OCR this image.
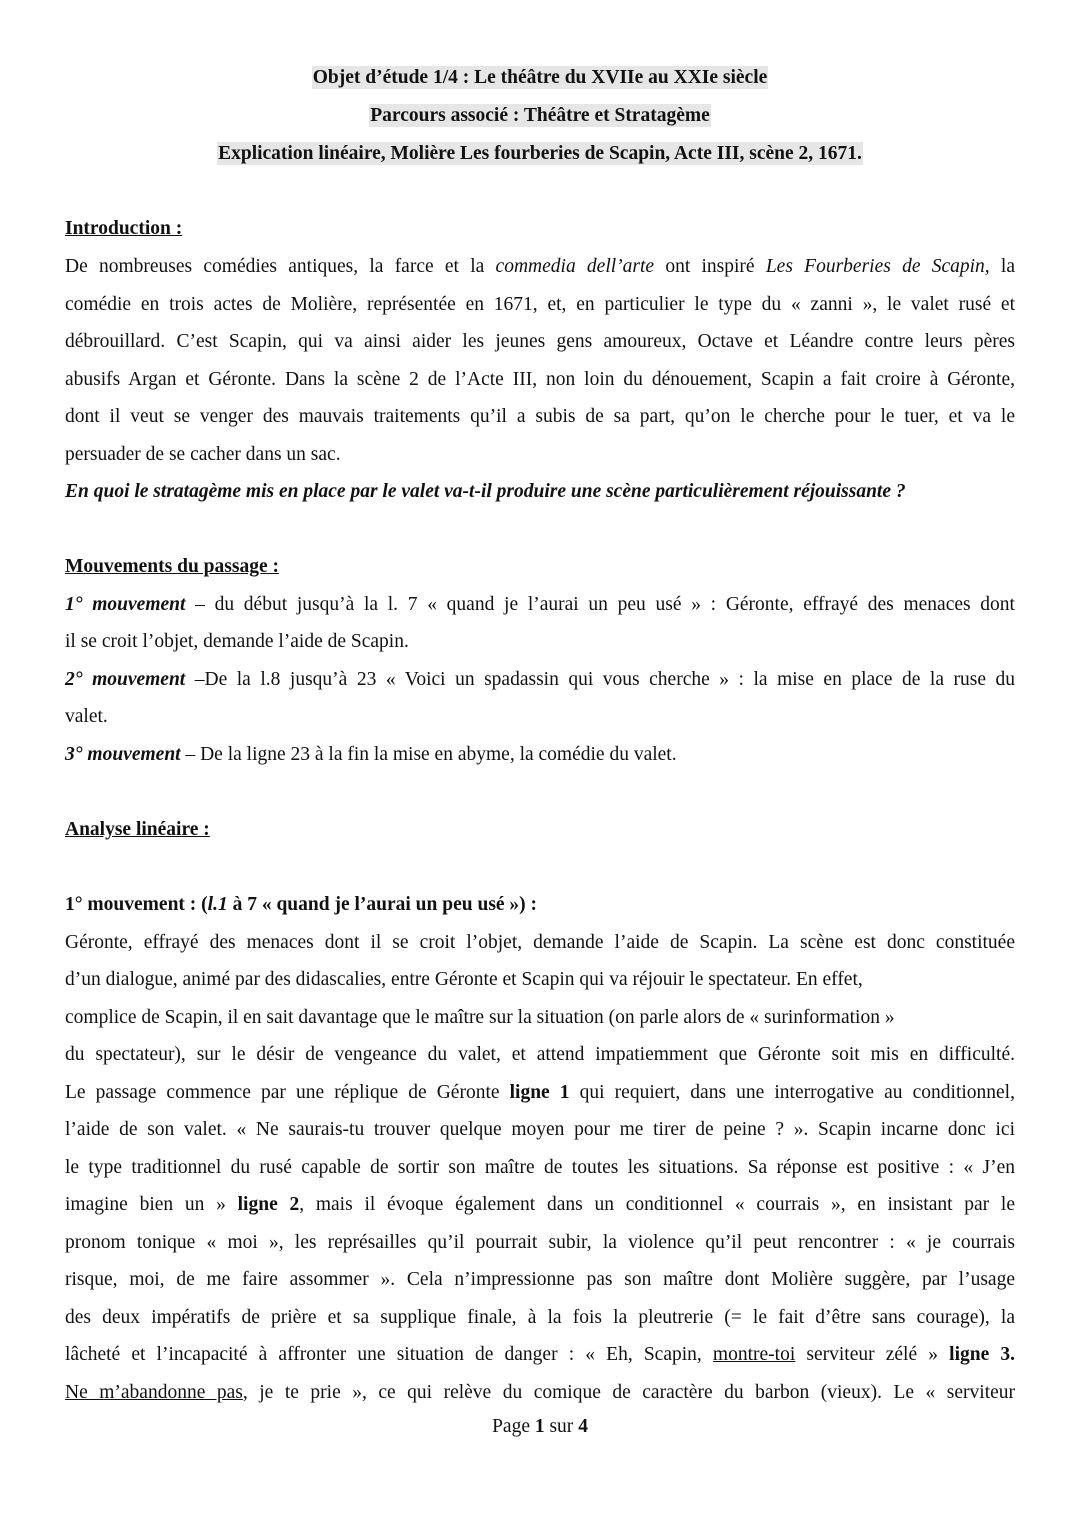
Objet d’étude 1/4 : Le théâtre du XVIIe au XXIe siècle
Parcours associé : Théâtre et Stratagème
Explication linéaire, Molière Les fourberies de Scapin, Acte III, scène 2, 1671.
Introduction :
De nombreuses comédies antiques, la farce et la commedia dell’arte ont inspiré Les Fourberies de Scapin, la
comédie en trois actes de Molière, représentée en 1671, et, en particulier le type du « zanni », le valet rusé et
débrouillard. C’est Scapin, qui va ainsi aider les jeunes gens amoureux, Octave et Léandre contre leurs pères
abusifs Argan et Géronte. Dans la scène 2 de l’Acte III, non loin du dénouement, Scapin a fait croire à Géronte,
dont il veut se venger des mauvais traitements qu’il a subis de sa part, qu’on le cherche pour le tuer, et va le
persuader de se cacher dans un sac.
En quoi le stratagème mis en place par le valet va-t-il produire une scène particulièrement réjouissante ?
Mouvements du passage :
1° mouvement – du début jusqu’à la l. 7 « quand je l’aurai un peu usé » : Géronte, effrayé des menaces dont
il se croit l’objet, demande l’aide de Scapin.
2° mouvement –De la l.8 jusqu’à 23 « Voici un spadassin qui vous cherche » : la mise en place de la ruse du
valet.
3° mouvement – De la ligne 23 à la fin la mise en abyme, la comédie du valet.
Analyse linéaire :
1° mouvement : (l.1 à 7 « quand je l’aurai un peu usé ») :
Géronte, effrayé des menaces dont il se croit l’objet, demande l’aide de Scapin. La scène est donc constituée
d’un dialogue, animé par des didascalies, entre Géronte et Scapin qui va réjouir le spectateur. En effet,
complice de Scapin, il en sait davantage que le maître sur la situation (on parle alors de « surinformation »
du spectateur), sur le désir de vengeance du valet, et attend impatiemment que Géronte soit mis en difficulté.
Le passage commence par une réplique de Géronte ligne 1 qui requiert, dans une interrogative au conditionnel,
l’aide de son valet. « Ne saurais-tu trouver quelque moyen pour me tirer de peine ? ». Scapin incarne donc ici
le type traditionnel du rusé capable de sortir son maître de toutes les situations. Sa réponse est positive : « J’en
imagine bien un » ligne 2, mais il évoque également dans un conditionnel « courrais », en insistant par le
pronom tonique « moi », les représailles qu’il pourrait subir, la violence qu’il peut rencontrer : « je courrais
risque, moi, de me faire assommer ». Cela n’impressionne pas son maître dont Molière suggère, par l’usage
des deux impératifs de prière et sa supplique finale, à la fois la pleutrerie (= le fait d’être sans courage), la
lâcheté et l’incapacité à affronter une situation de danger : « Eh, Scapin, montre-toi serviteur zélé » ligne 3.
Ne m’abandonne pas, je te prie », ce qui relève du comique de caractère du barbon (vieux). Le « serviteur
Page 1 sur 4
